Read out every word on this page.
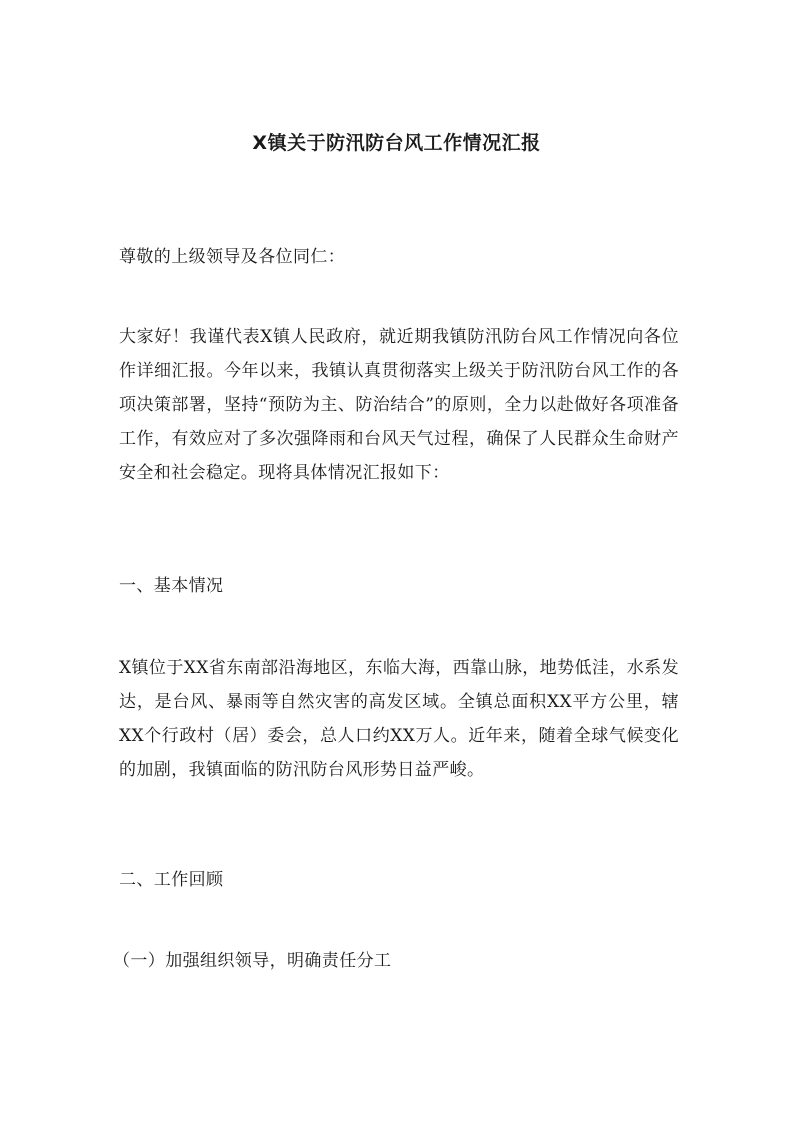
X镇关于防汛防台风工作情况汇报

尊敬的上级领导及各位同仁：

大家好！我谨代表X镇人民政府，就近期我镇防汛防台风工作情况向各位作详细汇报。今年以来，我镇认真贯彻落实上级关于防汛防台风工作的各项决策部署，坚持“预防为主、防治结合”的原则，全力以赴做好各项准备工作，有效应对了多次强降雨和台风天气过程，确保了人民群众生命财产安全和社会稳定。现将具体情况汇报如下：

一、基本情况

X镇位于XX省东南部沿海地区，东临大海，西靠山脉，地势低洼，水系发达，是台风、暴雨等自然灾害的高发区域。全镇总面积XX平方公里，辖XX个行政村（居）委会，总人口约XX万人。近年来，随着全球气候变化的加剧，我镇面临的防汛防台风形势日益严峻。

二、工作回顾

（一）加强组织领导，明确责任分工
